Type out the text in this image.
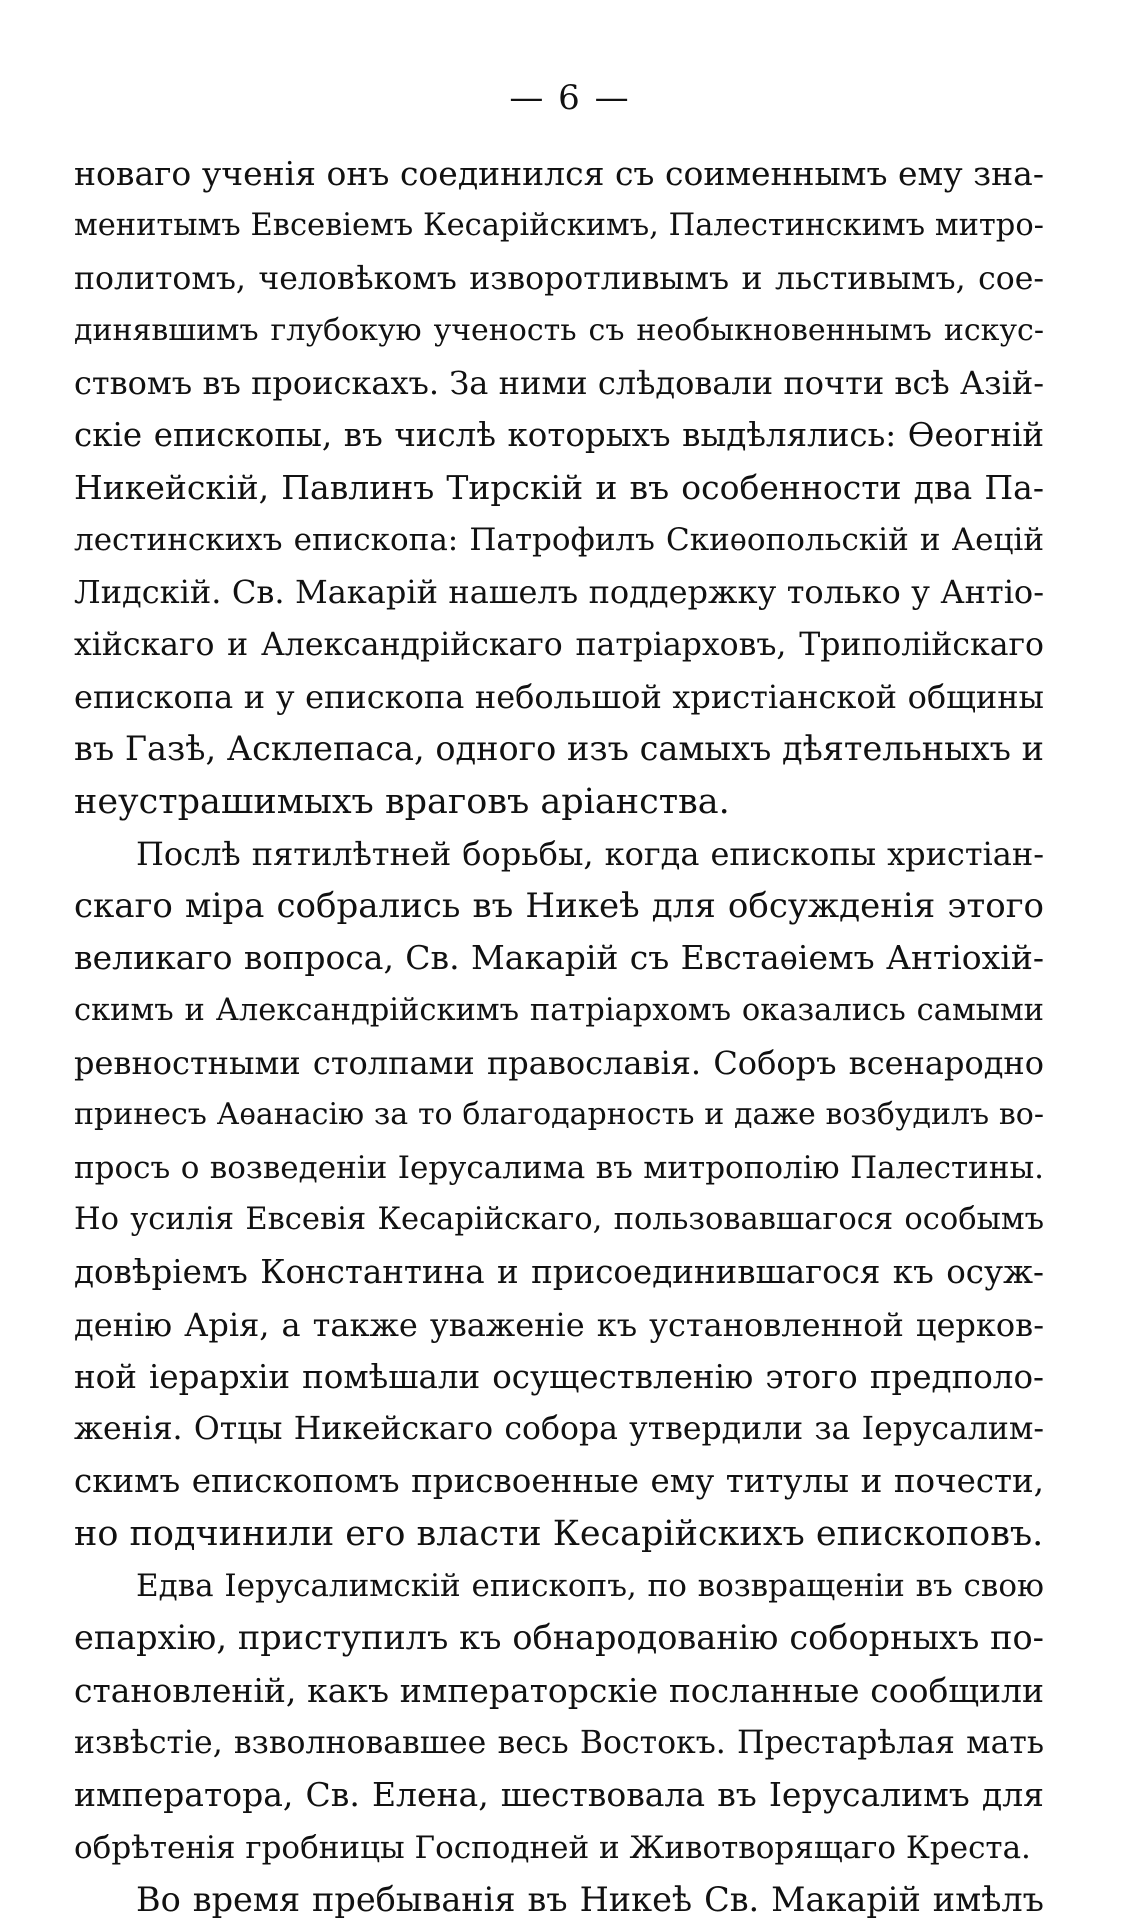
— 6 —
новаго ученія онъ соединился съ соименнымъ ему зна-
менитымъ Евсевіемъ Кесарійскимъ, Палестинскимъ митро-
политомъ, человѣкомъ изворотливымъ и льстивымъ, сое-
динявшимъ глубокую ученость съ необыкновеннымъ искус-
ствомъ въ проискахъ. За ними слѣдовали почти всѣ Азій-
скіе епископы, въ числѣ которыхъ выдѣлялись: Ѳеогній
Никейскій, Павлинъ Тирскій и въ особенности два Па-
лестинскихъ епископа: Патрофилъ Скиѳопольскій и Аецій
Лидскій. Св. Макарій нашелъ поддержку только у Антіо-
хійскаго и Александрійскаго патріарховъ, Триполійскаго
епископа и у епископа небольшой христіанской общины
въ Газѣ, Асклепаса, одного изъ самыхъ дѣятельныхъ и
неустрашимыхъ враговъ аріанства.
Послѣ пятилѣтней борьбы, когда епископы христіан-
скаго міра собрались въ Никеѣ для обсужденія этого
великаго вопроса, Св. Макарій съ Евстаѳіемъ Антіохій-
скимъ и Александрійскимъ патріархомъ оказались самыми
ревностными столпами православія. Соборъ всенародно
принесъ Аѳанасію за то благодарность и даже возбудилъ во-
просъ о возведеніи Іерусалима въ митрополію Палестины.
Но усилія Евсевія Кесарійскаго, пользовавшагося особымъ
довѣріемъ Константина и присоединившагося къ осуж-
денію Арія, а также уваженіе къ установленной церков-
ной іерархіи помѣшали осуществленію этого предполо-
женія. Отцы Никейскаго собора утвердили за Іерусалим-
скимъ епископомъ присвоенные ему титулы и почести,
но подчинили его власти Кесарійскихъ епископовъ.
Едва Іерусалимскій епископъ, по возвращеніи въ свою
епархію, приступилъ къ обнародованію соборныхъ по-
становленій, какъ императорскіе посланные сообщили
извѣстіе, взволновавшее весь Востокъ. Престарѣлая мать
императора, Св. Елена, шествовала въ Іерусалимъ для
обрѣтенія гробницы Господней и Животворящаго Креста.
Во время пребыванія въ Никеѣ Св. Макарій имѣлъ
